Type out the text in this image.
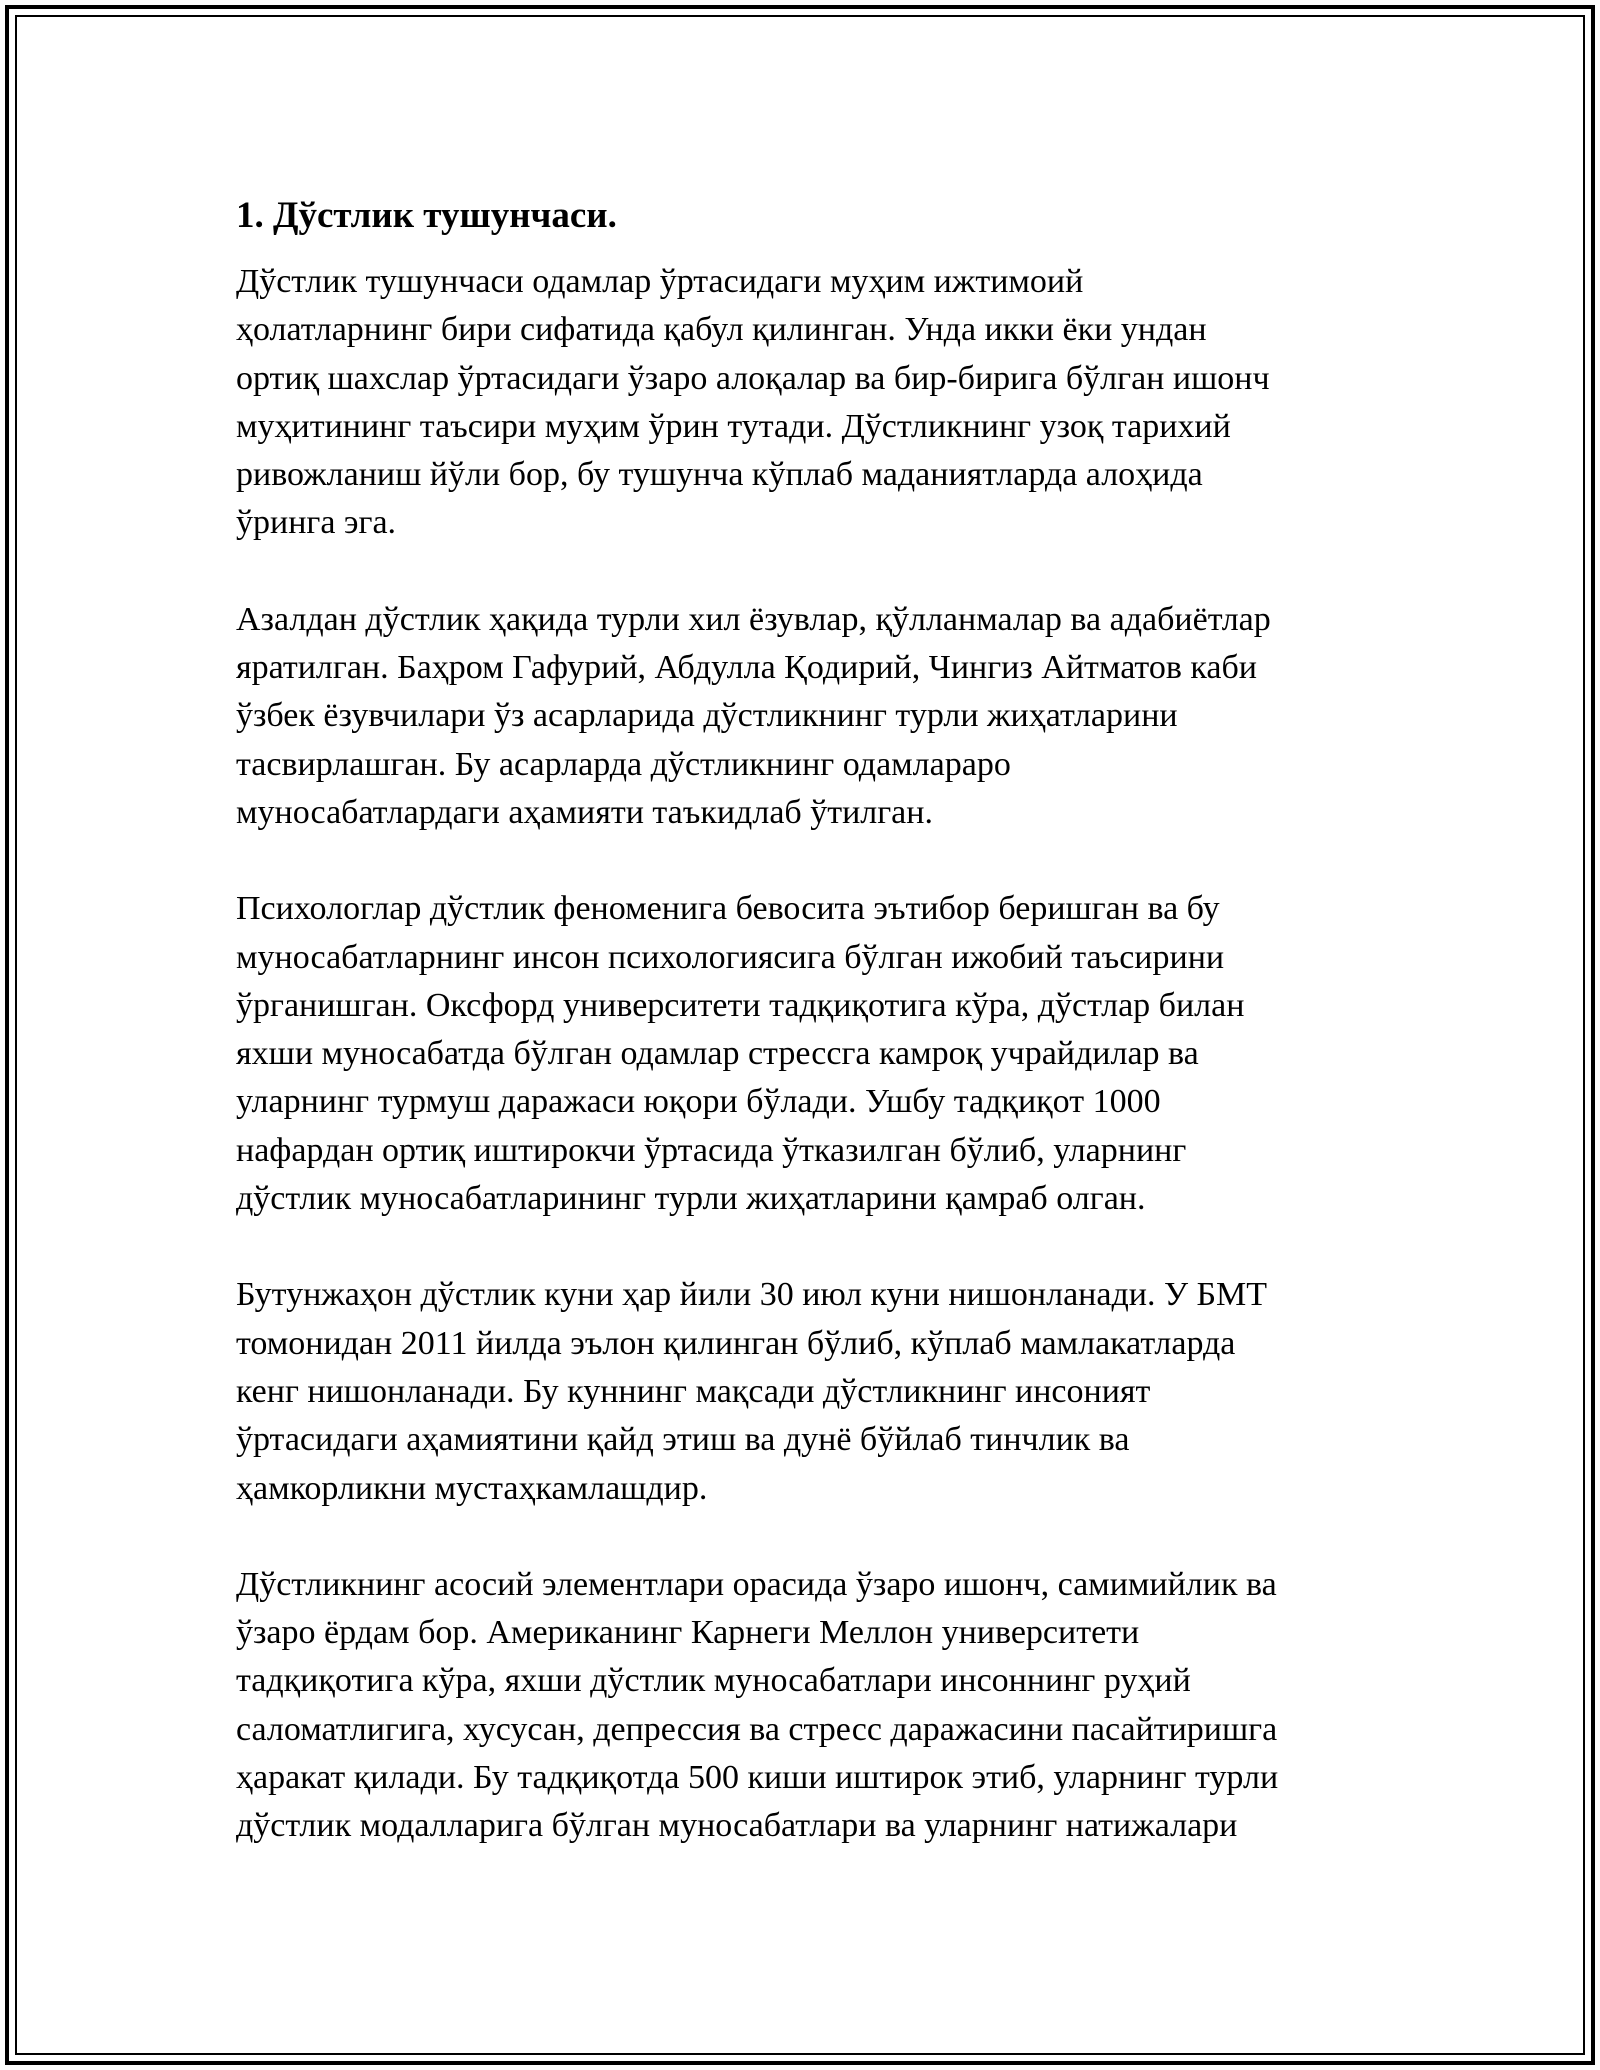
1. Дўстлик тушунчаси.
Дўстлик тушунчаси одамлар ўртасидаги муҳим ижтимоий
ҳолатларнинг бири сифатида қабул қилинган. Унда икки ёки ундан
ортиқ шахслар ўртасидаги ўзаро алоқалар ва бир-бирига бўлган ишонч
муҳитининг таъсири муҳим ўрин тутади. Дўстликнинг узоқ тарихий
ривожланиш йўли бор, бу тушунча кўплаб маданиятларда алоҳида
ўринга эга.
Азалдан дўстлик ҳақида турли хил ёзувлар, қўлланмалар ва адабиётлар
яратилган. Баҳром Гафурий, Абдулла Қодирий, Чингиз Айтматов каби
ўзбек ёзувчилари ўз асарларида дўстликнинг турли жиҳатларини
тасвирлашган. Бу асарларда дўстликнинг одамлараро
муносабатлардаги аҳамияти таъкидлаб ўтилган.
Психологлар дўстлик феноменига бевосита эътибор беришган ва бу
муносабатларнинг инсон психологиясига бўлган ижобий таъсирини
ўрганишган. Оксфорд университети тадқиқотига кўра, дўстлар билан
яхши муносабатда бўлган одамлар стрессга камроқ учрайдилар ва
уларнинг турмуш даражаси юқори бўлади. Ушбу тадқиқот 1000
нафардан ортиқ иштирокчи ўртасида ўтказилган бўлиб, уларнинг
дўстлик муносабатларининг турли жиҳатларини қамраб олган.
Бутунжаҳон дўстлик куни ҳар йили 30 июл куни нишонланади. У БМТ
томонидан 2011 йилда эълон қилинган бўлиб, кўплаб мамлакатларда
кенг нишонланади. Бу куннинг мақсади дўстликнинг инсоният
ўртасидаги аҳамиятини қайд этиш ва дунё бўйлаб тинчлик ва
ҳамкорликни мустаҳкамлашдир.
Дўстликнинг асосий элементлари орасида ўзаро ишонч, самимийлик ва
ўзаро ёрдам бор. Американинг Карнеги Меллон университети
тадқиқотига кўра, яхши дўстлик муносабатлари инсоннинг руҳий
саломатлигига, хусусан, депрессия ва стресс даражасини пасайтиришга
ҳаракат қилади. Бу тадқиқотда 500 киши иштирок этиб, уларнинг турли
дўстлик модалларига бўлган муносабатлари ва уларнинг натижалари
